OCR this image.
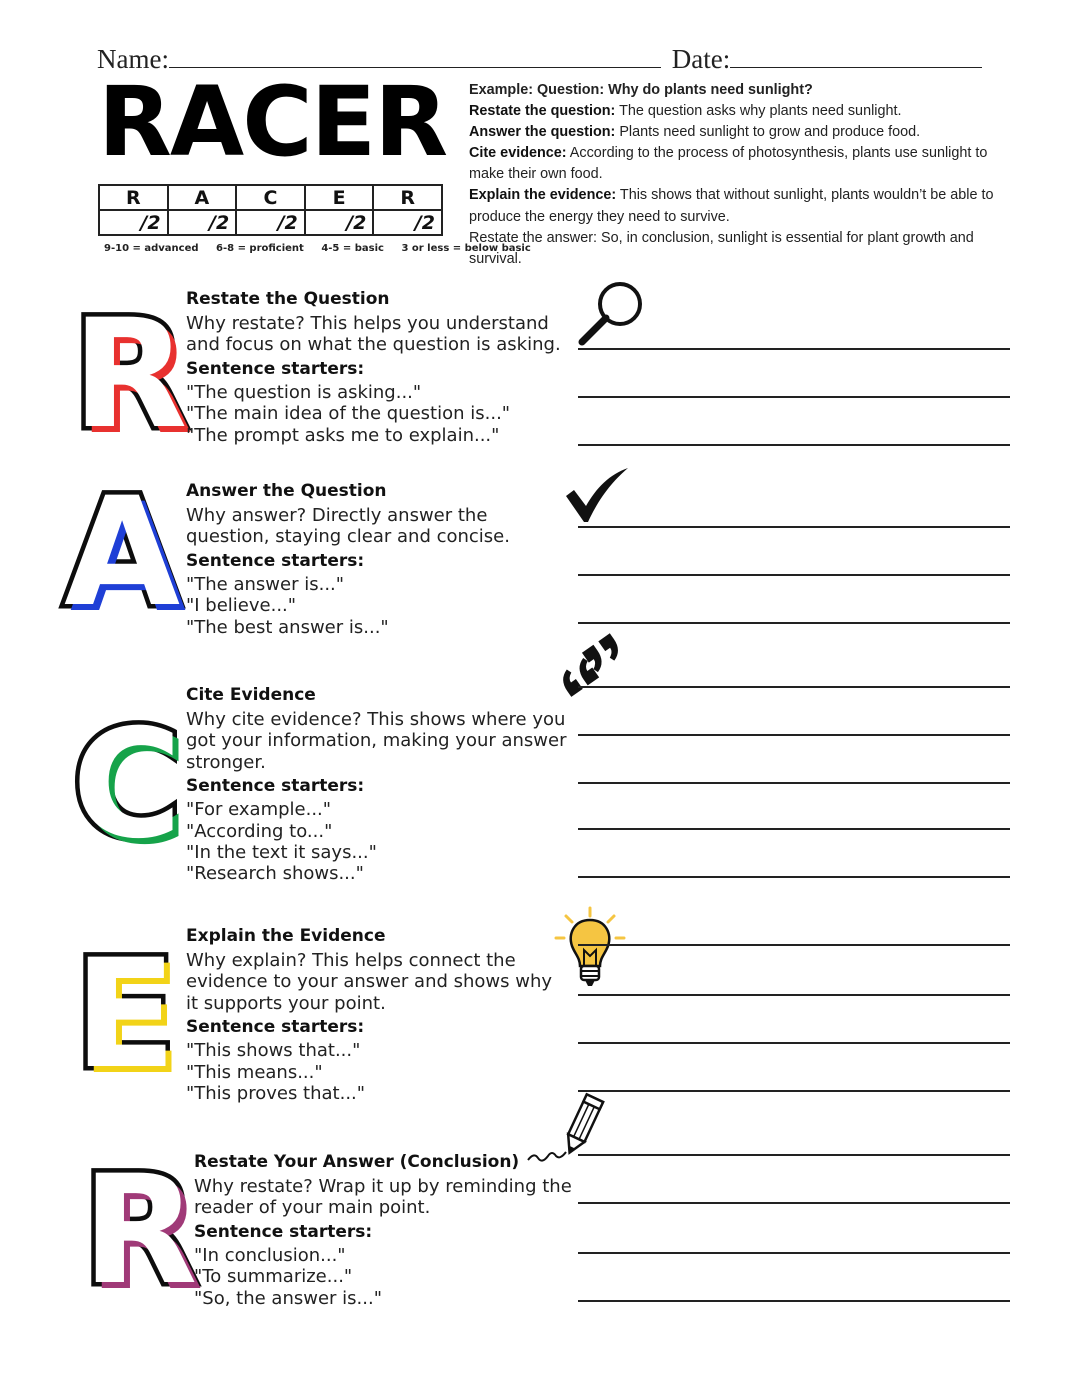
Name:	Date:
RACER
R	A	C	E	R
/2	/2	/2	/2	/2
9-10 = advanced 6-8 = proficient 4-5 = basic 3 or less = below basic
Example: Question: Why do plants need sunlight?
Restate the question: The question asks why plants need sunlight.
Answer the question: Plants need sunlight to grow and produce food.
Cite evidence: According to the process of photosynthesis, plants use sunlight to make their own food.
Explain the evidence: This shows that without sunlight, plants wouldn’t be able to produce the energy they need to survive.
Restate the answer: So, in conclusion, sunlight is essential for plant growth and survival.
R
Restate the Question
Why restate? This helps you understand
and focus on what the question is asking.
Sentence starters:
"The question is asking..."
"The main idea of the question is..."
"The prompt asks me to explain..."
A Answer the Question
Why answer? Directly answer the
question, staying clear and concise.
Sentence starters:
"The answer is..."
"I believe..."
"The best answer is..."
C
Cite Evidence
Why cite evidence? This shows where you
got your information, making your answer
stronger.
Sentence starters:
"For example..."
"According to..."
"In the text it says..."
"Research shows..."
E Explain the Evidence
Why explain? This helps connect the
evidence to your answer and shows why
it supports your point.
Sentence starters:
"This shows that..."
"This means..."
"This proves that..."
R
Restate Your Answer (Conclusion)
Why restate? Wrap it up by reminding the
reader of your main point.
Sentence starters:
"In conclusion..."
"To summarize..."
"So, the answer is..."
